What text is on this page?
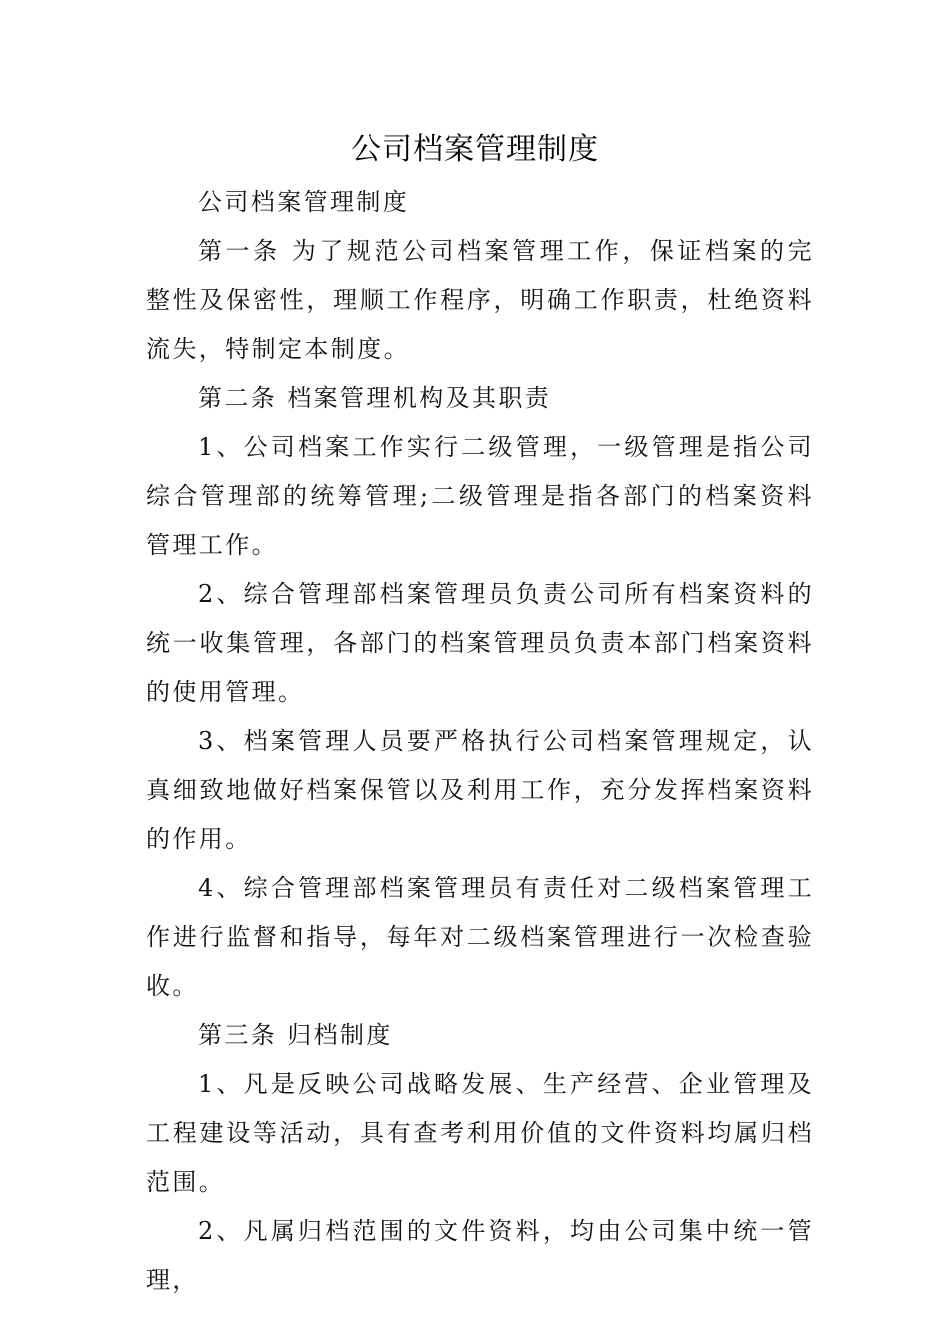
公司档案管理制度

公司档案管理制度

第一条 为了规范公司档案管理工作，保证档案的完整性及保密性，理顺工作程序，明确工作职责，杜绝资料流失，特制定本制度。

第二条 档案管理机构及其职责

1、公司档案工作实行二级管理，一级管理是指公司综合管理部的统筹管理;二级管理是指各部门的档案资料管理工作。

2、综合管理部档案管理员负责公司所有档案资料的统一收集管理，各部门的档案管理员负责本部门档案资料的使用管理。

3、档案管理人员要严格执行公司档案管理规定，认真细致地做好档案保管以及利用工作，充分发挥档案资料的作用。

4、综合管理部档案管理员有责任对二级档案管理工作进行监督和指导，每年对二级档案管理进行一次检查验收。

第三条 归档制度

1、凡是反映公司战略发展、生产经营、企业管理及工程建设等活动，具有查考利用价值的文件资料均属归档范围。

2、凡属归档范围的文件资料，均由公司集中统一管理，
